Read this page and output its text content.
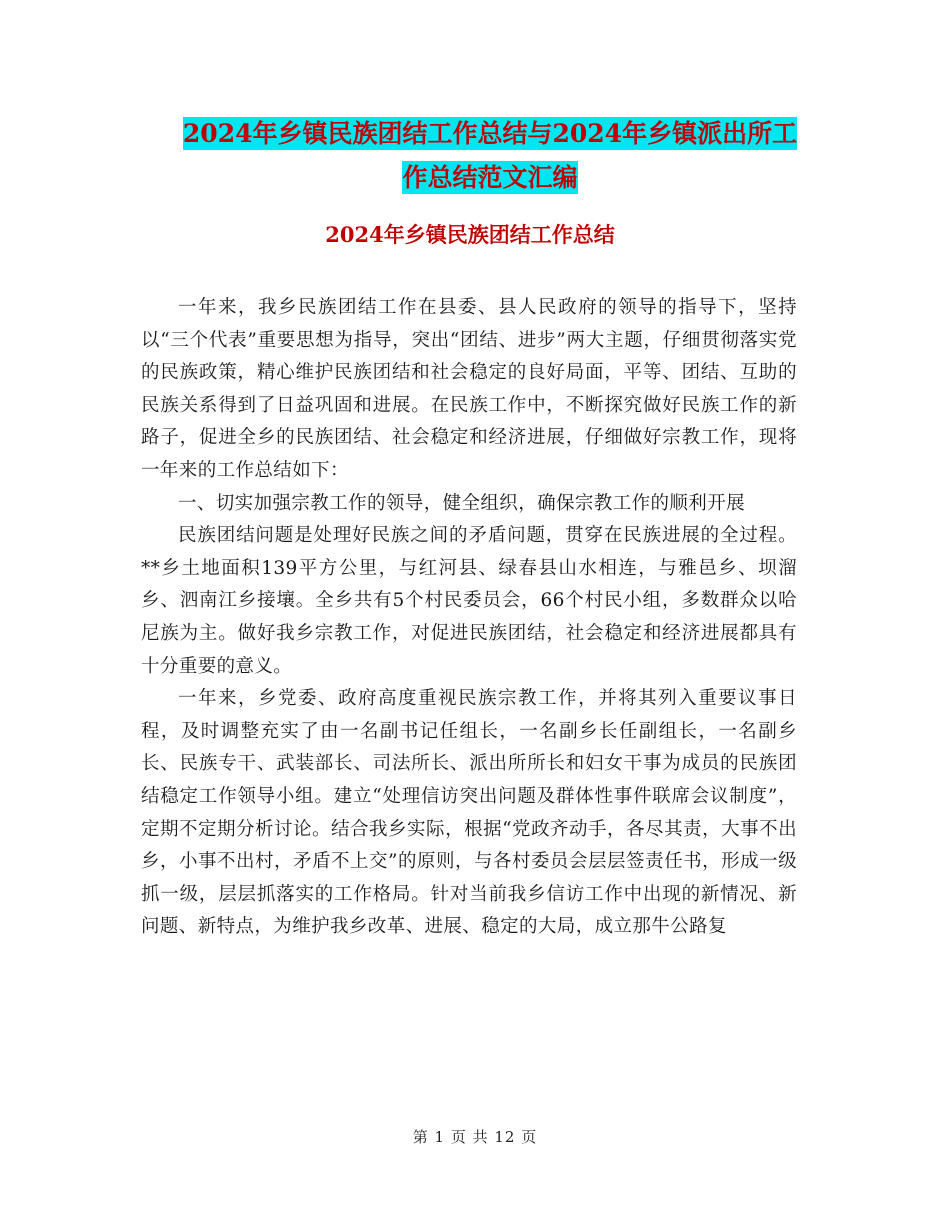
2024年乡镇民族团结工作总结与2024年乡镇派出所工
作总结范文汇编
2024年乡镇民族团结工作总结

一年来，我乡民族团结工作在县委、县人民政府的领导的指导下，坚持以“三个代表”重要思想为指导，突出“团结、进步”两大主题，仔细贯彻落实党的民族政策，精心维护民族团结和社会稳定的良好局面，平等、团结、互助的民族关系得到了日益巩固和进展。在民族工作中，不断探究做好民族工作的新路子，促进全乡的民族团结、社会稳定和经济进展，仔细做好宗教工作，现将一年来的工作总结如下：

一、切实加强宗教工作的领导，健全组织，确保宗教工作的顺利开展

民族团结问题是处理好民族之间的矛盾问题，贯穿在民族进展的全过程。**乡土地面积139平方公里，与红河县、绿春县山水相连，与雅邑乡、坝溜乡、泗南江乡接壤。全乡共有5个村民委员会，66个村民小组，多数群众以哈尼族为主。做好我乡宗教工作，对促进民族团结，社会稳定和经济进展都具有十分重要的意义。

一年来，乡党委、政府高度重视民族宗教工作，并将其列入重要议事日程，及时调整充实了由一名副书记任组长，一名副乡长任副组长，一名副乡长、民族专干、武装部长、司法所长、派出所所长和妇女干事为成员的民族团结稳定工作领导小组。建立“处理信访突出问题及群体性事件联席会议制度”，定期不定期分析讨论。结合我乡实际，根据“党政齐动手，各尽其责，大事不出乡，小事不出村，矛盾不上交”的原则，与各村委员会层层签责任书，形成一级抓一级，层层抓落实的工作格局。针对当前我乡信访工作中出现的新情况、新问题、新特点，为维护我乡改革、进展、稳定的大局，成立那牛公路复

第 1 页 共 12 页
